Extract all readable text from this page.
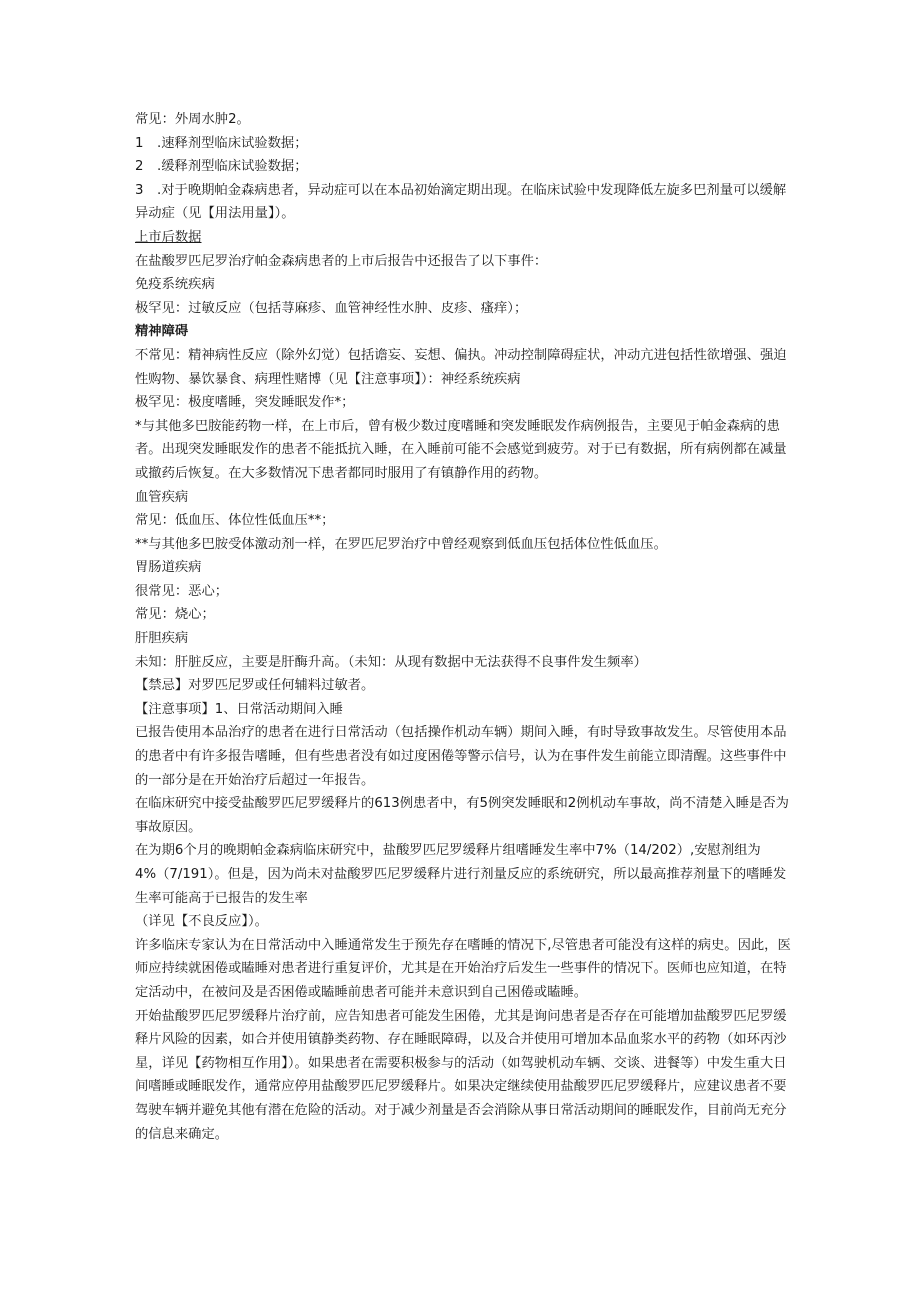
常见：外周水肿2。

1 .速释剂型临床试验数据；

2 .缓释剂型临床试验数据；

3 .对于晚期帕金森病患者，异动症可以在本品初始滴定期出现。在临床试验中发现降低左旋多巴剂量可以缓解异动症（见【用法用量】）。

上市后数据

在盐酸罗匹尼罗治疗帕金森病患者的上市后报告中还报告了以下事件：

免疫系统疾病

极罕见：过敏反应（包括荨麻疹、血管神经性水肿、皮疹、瘙痒）；

精神障碍

不常见：精神病性反应（除外幻觉）包括谵妄、妄想、偏执。冲动控制障碍症状，冲动亢进包括性欲增强、强迫性购物、暴饮暴食、病理性赌博（见【注意事项】）：神经系统疾病

极罕见：极度嗜睡，突发睡眠发作*；

*与其他多巴胺能药物一样，在上市后，曾有极少数过度嗜睡和突发睡眠发作病例报告，主要见于帕金森病的患者。出现突发睡眠发作的患者不能抵抗入睡，在入睡前可能不会感觉到疲劳。对于已有数据，所有病例都在减量或撤药后恢复。在大多数情况下患者都同时服用了有镇静作用的药物。

血管疾病

常见：低血压、体位性低血压**；

**与其他多巴胺受体激动剂一样，在罗匹尼罗治疗中曾经观察到低血压包括体位性低血压。

胃肠道疾病

很常见：恶心；

常见：烧心；

肝胆疾病

未知：肝脏反应，主要是肝酶升高。（未知：从现有数据中无法获得不良事件发生频率）

【禁忌】对罗匹尼罗或任何辅料过敏者。

【注意事项】1、日常活动期间入睡

已报告使用本品治疗的患者在进行日常活动（包括操作机动车辆）期间入睡，有时导致事故发生。尽管使用本品的患者中有许多报告嗜睡，但有些患者没有如过度困倦等警示信号，认为在事件发生前能立即清醒。这些事件中的一部分是在开始治疗后超过一年报告。

在临床研究中接受盐酸罗匹尼罗缓释片的613例患者中，有5例突发睡眠和2例机动车事故，尚不清楚入睡是否为事故原因。

在为期6个月的晚期帕金森病临床研究中，盐酸罗匹尼罗缓释片组嗜睡发生率中7%（14/202）,安慰剂组为4%（7/191）。但是，因为尚未对盐酸罗匹尼罗缓释片进行剂量反应的系统研究，所以最高推荐剂量下的嗜睡发生率可能高于已报告的发生率

（详见【不良反应】）。

许多临床专家认为在日常活动中入睡通常发生于预先存在嗜睡的情况下,尽管患者可能没有这样的病史。因此，医师应持续就困倦或瞌睡对患者进行重复评价，尤其是在开始治疗后发生一些事件的情况下。医师也应知道，在特定活动中，在被问及是否困倦或瞌睡前患者可能并未意识到自己困倦或瞌睡。

开始盐酸罗匹尼罗缓释片治疗前，应告知患者可能发生困倦，尤其是询问患者是否存在可能增加盐酸罗匹尼罗缓释片风险的因素，如合并使用镇静类药物、存在睡眠障碍，以及合并使用可增加本品血浆水平的药物（如环丙沙星，详见【药物相互作用】）。如果患者在需要积极参与的活动（如驾驶机动车辆、交谈、进餐等）中发生重大日间嗜睡或睡眠发作，通常应停用盐酸罗匹尼罗缓释片。如果决定继续使用盐酸罗匹尼罗缓释片，应建议患者不要驾驶车辆并避免其他有潜在危险的活动。对于减少剂量是否会消除从事日常活动期间的睡眠发作，目前尚无充分的信息来确定。
